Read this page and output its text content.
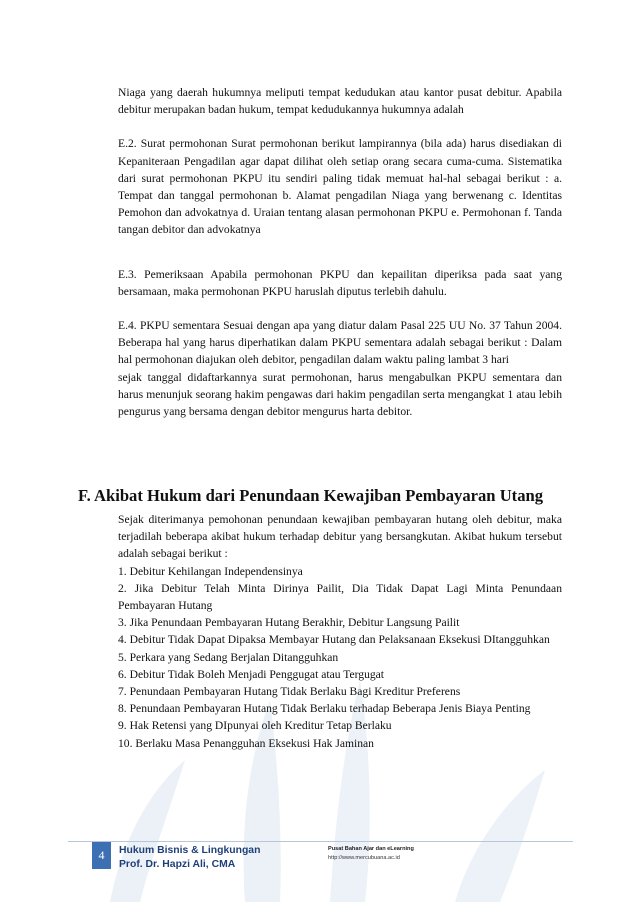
Niaga yang daerah hukumnya meliputi tempat kedudukan atau kantor pusat debitur. Apabila debitur merupakan badan hukum, tempat kedudukannya hukumnya adalah

E.2. Surat permohonan Surat permohonan berikut lampirannya (bila ada) harus disediakan di Kepaniteraan Pengadilan agar dapat dilihat oleh setiap orang secara cuma-cuma. Sistematika dari surat permohonan PKPU itu sendiri paling tidak memuat hal-hal sebagai berikut : a. Tempat dan tanggal permohonan b. Alamat pengadilan Niaga yang berwenang c. Identitas Pemohon dan advokatnya d. Uraian tentang alasan permohonan PKPU e. Permohonan f. Tanda tangan debitor dan advokatnya

E.3. Pemeriksaan Apabila permohonan PKPU dan kepailitan diperiksa pada saat yang bersamaan, maka permohonan PKPU haruslah diputus terlebih dahulu.

E.4. PKPU sementara Sesuai dengan apa yang diatur dalam Pasal 225 UU No. 37 Tahun 2004. Beberapa hal yang harus diperhatikan dalam PKPU sementara adalah sebagai berikut : Dalam hal permohonan diajukan oleh debitor, pengadilan dalam waktu paling lambat 3 hari

sejak tanggal didaftarkannya surat permohonan, harus mengabulkan PKPU sementara dan harus menunjuk seorang hakim pengawas dari hakim pengadilan serta mengangkat 1 atau lebih pengurus yang bersama dengan debitor mengurus harta debitor.

F. Akibat Hukum dari Penundaan Kewajiban Pembayaran Utang

Sejak diterimanya pemohonan penundaan kewajiban pembayaran hutang oleh debitur, maka terjadilah beberapa akibat hukum terhadap debitur yang bersangkutan. Akibat hukum tersebut adalah sebagai berikut :

1. Debitur Kehilangan Independensinya

2. Jika Debitur Telah Minta Dirinya Pailit, Dia Tidak Dapat Lagi Minta Penundaan Pembayaran Hutang

3. Jika Penundaan Pembayaran Hutang Berakhir, Debitur Langsung Pailit

4. Debitur Tidak Dapat Dipaksa Membayar Hutang dan Pelaksanaan Eksekusi DItangguhkan

5. Perkara yang Sedang Berjalan Ditangguhkan

6. Debitur Tidak Boleh Menjadi Penggugat atau Tergugat

7. Penundaan Pembayaran Hutang Tidak Berlaku Bagi Kreditur Preferens

8. Penundaan Pembayaran Hutang Tidak Berlaku terhadap Beberapa Jenis Biaya Penting

9. Hak Retensi yang DIpunyai oleh Kreditur Tetap Berlaku

10. Berlaku Masa Penangguhan Eksekusi Hak Jaminan

4	Hukum Bisnis & Lingkungan
Prof. Dr. Hapzi Ali, CMA
Pusat Bahan Ajar dan eLearning
http://www.mercubuana.ac.id
